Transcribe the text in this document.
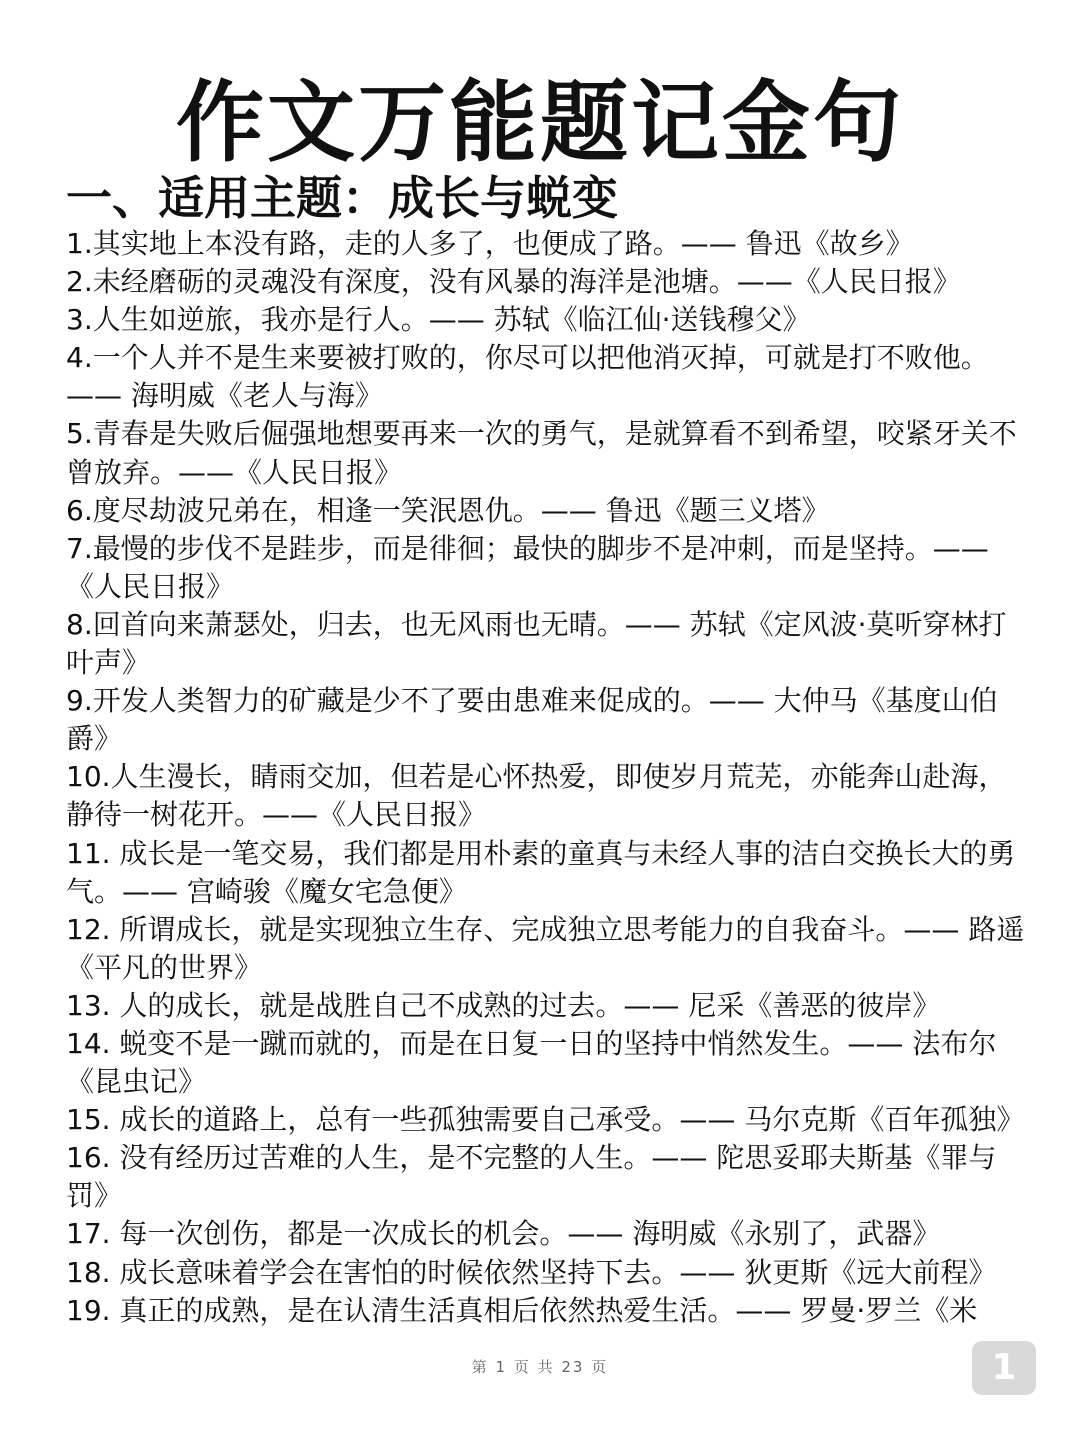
作文万能题记金句
一、适用主题：成长与蜕变

1.其实地上本没有路，走的人多了，也便成了路。—— 鲁迅《故乡》

2.未经磨砺的灵魂没有深度，没有风暴的海洋是池塘。——《人民日报》

3.人生如逆旅，我亦是行人。—— 苏轼《临江仙·送钱穆父》

4.一个人并不是生来要被打败的，你尽可以把他消灭掉，可就是打不败他。—— 海明威《老人与海》

5.青春是失败后倔强地想要再来一次的勇气，是就算看不到希望，咬紧牙关不曾放弃。——《人民日报》

6.度尽劫波兄弟在，相逢一笑泯恩仇。—— 鲁迅《题三义塔》

7.最慢的步伐不是跬步，而是徘徊；最快的脚步不是冲刺，而是坚持。——《人民日报》

8.回首向来萧瑟处，归去，也无风雨也无晴。—— 苏轼《定风波·莫听穿林打叶声》

9.开发人类智力的矿藏是少不了要由患难来促成的。—— 大仲马《基度山伯爵》

10.人生漫长，睛雨交加，但若是心怀热爱，即使岁月荒芜，亦能奔山赴海，静待一树花开。——《人民日报》

11. 成长是一笔交易，我们都是用朴素的童真与未经人事的洁白交换长大的勇气。—— 宫崎骏《魔女宅急便》

12. 所谓成长，就是实现独立生存、完成独立思考能力的自我奋斗。—— 路遥《平凡的世界》

13. 人的成长，就是战胜自己不成熟的过去。—— 尼采《善恶的彼岸》

14. 蜕变不是一蹴而就的，而是在日复一日的坚持中悄然发生。—— 法布尔《昆虫记》

15. 成长的道路上，总有一些孤独需要自己承受。—— 马尔克斯《百年孤独》

16. 没有经历过苦难的人生，是不完整的人生。—— 陀思妥耶夫斯基《罪与罚》

17. 每一次创伤，都是一次成长的机会。—— 海明威《永别了，武器》

18. 成长意味着学会在害怕的时候依然坚持下去。—— 狄更斯《远大前程》

19. 真正的成熟，是在认清生活真相后依然热爱生活。—— 罗曼·罗兰《米

第 1 页 共 23 页	1
